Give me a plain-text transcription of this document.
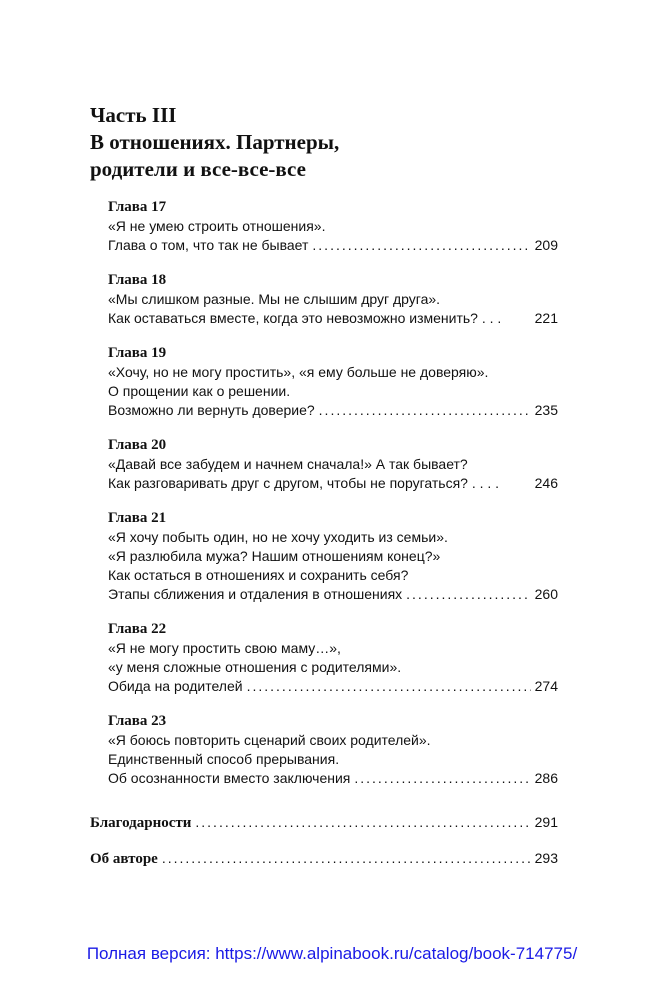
Часть III
В отношениях. Партнеры,
родители и все-все-все
Глава 17
«Я не умею строить отношения».
Глава о том, что так не бывает .....	209
Глава 18
«Мы слишком разные. Мы не слышим друг друга».
Как оставаться вместе, когда это невозможно изменить? . . .	221
Глава 19
«Хочу, но не могу простить», «я ему больше не доверяю».
О прощении как о решении.
Возможно ли вернуть доверие? .....	235
Глава 20
«Давай все забудем и начнем сначала!» А так бывает?
Как разговаривать друг с другом, чтобы не поругаться? . . . .	246
Глава 21
«Я хочу побыть один, но не хочу уходить из семьи».
«Я разлюбила мужа? Нашим отношениям конец?»
Как остаться в отношениях и сохранить себя?
Этапы сближения и отдаления в отношениях .....	260
Глава 22
«Я не могу простить свою маму…»,
«у меня сложные отношения с родителями».
Обида на родителей .....	274
Глава 23
«Я боюсь повторить сценарий своих родителей».
Единственный способ прерывания.
Об осознанности вместо заключения .....	286
Благодарности .....	291
Об авторе .....	293
Полная версия: https://www.alpinabook.ru/catalog/book-714775/
